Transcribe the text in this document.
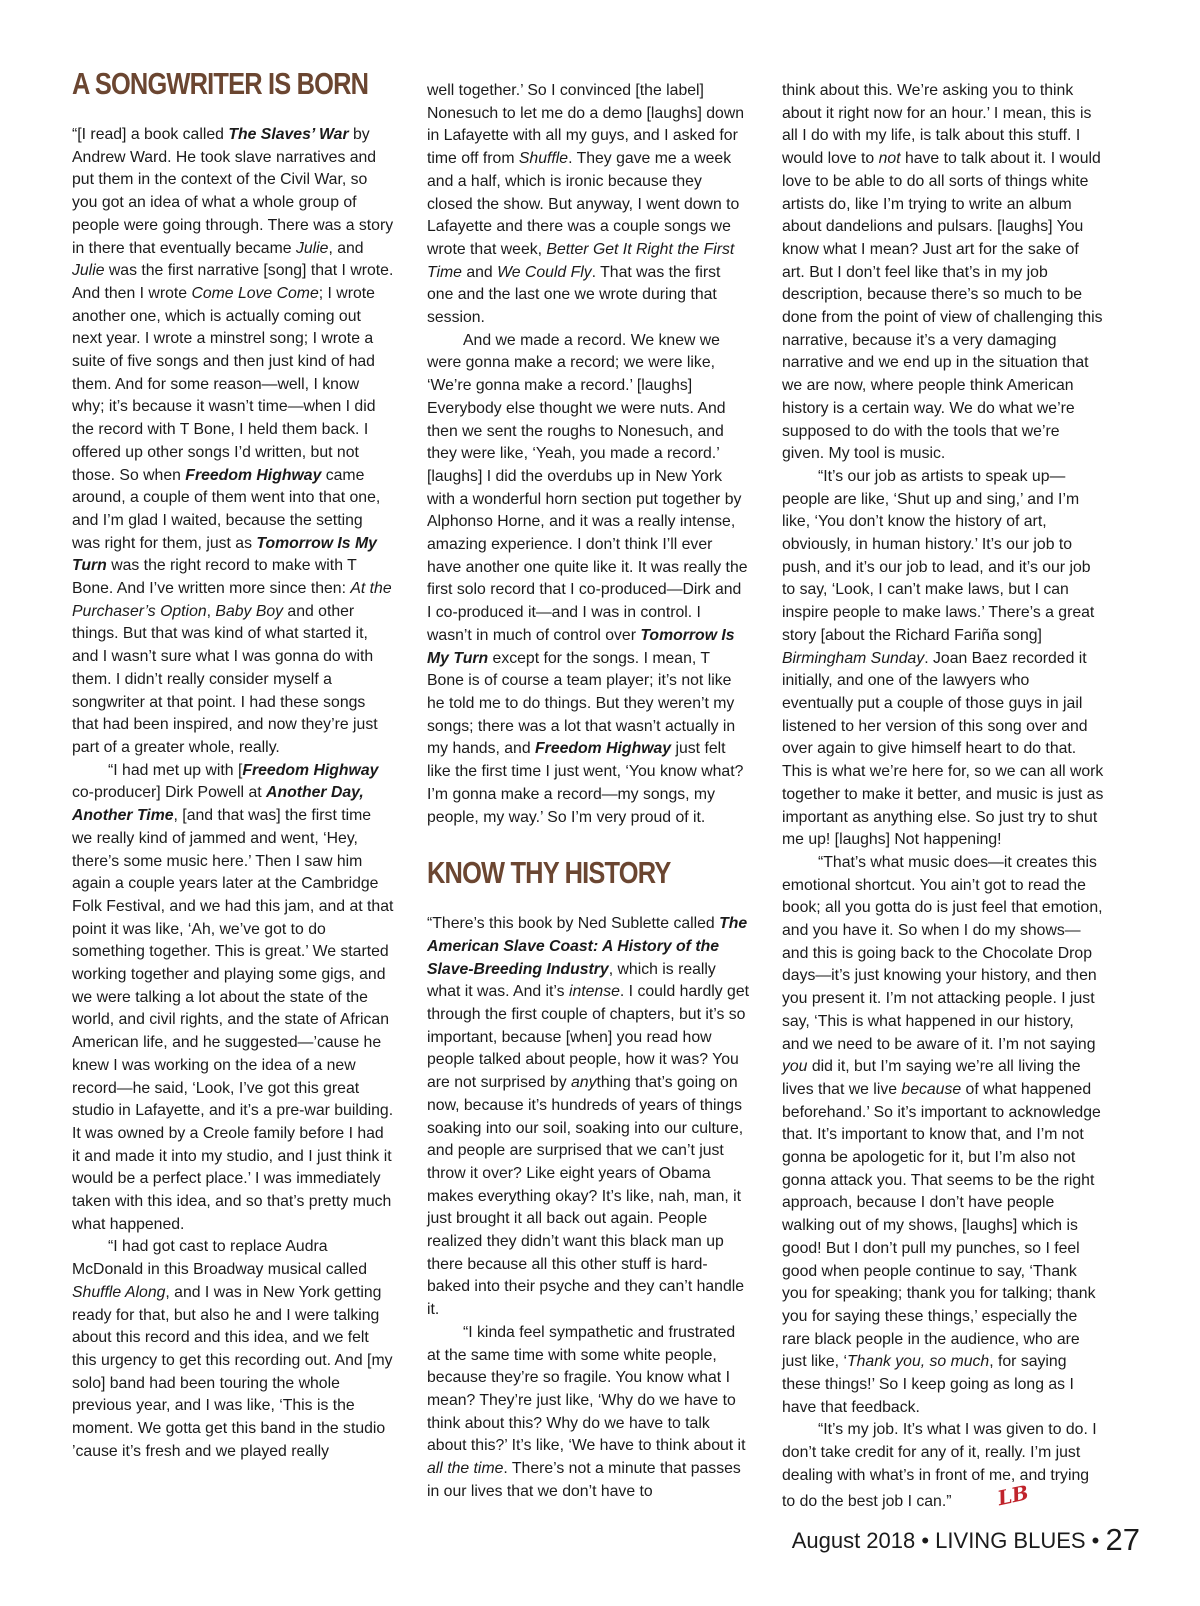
A SONGWRITER IS BORN

“[I read] a book called The Slaves’ War by Andrew Ward. He took slave narratives and put them in the context of the Civil War, so you got an idea of what a whole group of people were going through. There was a story in there that eventually became Julie, and Julie was the first narrative [song] that I wrote. And then I wrote Come Love Come; I wrote another one, which is actually coming out next year. I wrote a minstrel song; I wrote a suite of five songs and then just kind of had them. And for some reason—well, I know why; it’s because it wasn’t time—when I did the record with T Bone, I held them back. I offered up other songs I’d written, but not those. So when Freedom Highway came around, a couple of them went into that one, and I’m glad I waited, because the setting was right for them, just as Tomorrow Is My Turn was the right record to make with T Bone. And I’ve written more since then: At the Purchaser’s Option, Baby Boy and other things. But that was kind of what started it, and I wasn’t sure what I was gonna do with them. I didn’t really consider myself a songwriter at that point. I had these songs that had been inspired, and now they’re just part of a greater whole, really.

“I had met up with [Freedom Highway co-producer] Dirk Powell at Another Day, Another Time, [and that was] the first time we really kind of jammed and went, ‘Hey, there’s some music here.’ Then I saw him again a couple years later at the Cambridge Folk Festival, and we had this jam, and at that point it was like, ‘Ah, we’ve got to do something together. This is great.’ We started working together and playing some gigs, and we were talking a lot about the state of the world, and civil rights, and the state of African American life, and he suggested—’cause he knew I was working on the idea of a new record—he said, ‘Look, I’ve got this great studio in Lafayette, and it’s a pre-war building. It was owned by a Creole family before I had it and made it into my studio, and I just think it would be a perfect place.’ I was immediately taken with this idea, and so that’s pretty much what happened.

“I had got cast to replace Audra McDonald in this Broadway musical called Shuffle Along, and I was in New York getting ready for that, but also he and I were talking about this record and this idea, and we felt this urgency to get this recording out. And [my solo] band had been touring the whole previous year, and I was like, ‘This is the moment. We gotta get this band in the studio ’cause it’s fresh and we played really

well together.’ So I convinced [the label] Nonesuch to let me do a demo [laughs] down in Lafayette with all my guys, and I asked for time off from Shuffle. They gave me a week and a half, which is ironic because they closed the show. But anyway, I went down to Lafayette and there was a couple songs we wrote that week, Better Get It Right the First Time and We Could Fly. That was the first one and the last one we wrote during that session.

And we made a record. We knew we were gonna make a record; we were like, ‘We’re gonna make a record.’ [laughs] Everybody else thought we were nuts. And then we sent the roughs to Nonesuch, and they were like, ‘Yeah, you made a record.’ [laughs] I did the overdubs up in New York with a wonderful horn section put together by Alphonso Horne, and it was a really intense, amazing experience. I don’t think I’ll ever have another one quite like it. It was really the first solo record that I co-produced—Dirk and I co-produced it—and I was in control. I wasn’t in much of control over Tomorrow Is My Turn except for the songs. I mean, T Bone is of course a team player; it’s not like he told me to do things. But they weren’t my songs; there was a lot that wasn’t actually in my hands, and Freedom Highway just felt like the first time I just went, ‘You know what? I’m gonna make a record—my songs, my people, my way.’ So I’m very proud of it.

KNOW THY HISTORY

“There’s this book by Ned Sublette called The American Slave Coast: A History of the Slave-Breeding Industry, which is really what it was. And it’s intense. I could hardly get through the first couple of chapters, but it’s so important, because [when] you read how people talked about people, how it was? You are not surprised by anything that’s going on now, because it’s hundreds of years of things soaking into our soil, soaking into our culture, and people are surprised that we can’t just throw it over? Like eight years of Obama makes everything okay? It’s like, nah, man, it just brought it all back out again. People realized they didn’t want this black man up there because all this other stuff is hard-baked into their psyche and they can’t handle it.

“I kinda feel sympathetic and frustrated at the same time with some white people, because they’re so fragile. You know what I mean? They’re just like, ‘Why do we have to think about this? Why do we have to talk about this?’ It’s like, ‘We have to think about it all the time. There’s not a minute that passes in our lives that we don’t have to

think about this. We’re asking you to think about it right now for an hour.’ I mean, this is all I do with my life, is talk about this stuff. I would love to not have to talk about it. I would love to be able to do all sorts of things white artists do, like I’m trying to write an album about dandelions and pulsars. [laughs] You know what I mean? Just art for the sake of art. But I don’t feel like that’s in my job description, because there’s so much to be done from the point of view of challenging this narrative, because it’s a very damaging narrative and we end up in the situation that we are now, where people think American history is a certain way. We do what we’re supposed to do with the tools that we’re given. My tool is music.

“It’s our job as artists to speak up—people are like, ‘Shut up and sing,’ and I’m like, ‘You don’t know the history of art, obviously, in human history.’ It’s our job to push, and it’s our job to lead, and it’s our job to say, ‘Look, I can’t make laws, but I can inspire people to make laws.’ There’s a great story [about the Richard Fariña song] Birmingham Sunday. Joan Baez recorded it initially, and one of the lawyers who eventually put a couple of those guys in jail listened to her version of this song over and over again to give himself heart to do that. This is what we’re here for, so we can all work together to make it better, and music is just as important as anything else. So just try to shut me up! [laughs] Not happening!

“That’s what music does—it creates this emotional shortcut. You ain’t got to read the book; all you gotta do is just feel that emotion, and you have it. So when I do my shows—and this is going back to the Chocolate Drop days—it’s just knowing your history, and then you present it. I’m not attacking people. I just say, ‘This is what happened in our history, and we need to be aware of it. I’m not saying you did it, but I’m saying we’re all living the lives that we live because of what happened beforehand.’ So it’s important to acknowledge that. It’s important to know that, and I’m not gonna be apologetic for it, but I’m also not gonna attack you. That seems to be the right approach, because I don’t have people walking out of my shows, [laughs] which is good! But I don’t pull my punches, so I feel good when people continue to say, ‘Thank you for speaking; thank you for talking; thank you for saying these things,’ especially the rare black people in the audience, who are just like, ‘Thank you, so much, for saying these things!’ So I keep going as long as I have that feedback.

“It’s my job. It’s what I was given to do. I don’t take credit for any of it, really. I’m just dealing with what’s in front of me, and trying to do the best job I can.” LB

August 2018 • LIVING BLUES • 27
